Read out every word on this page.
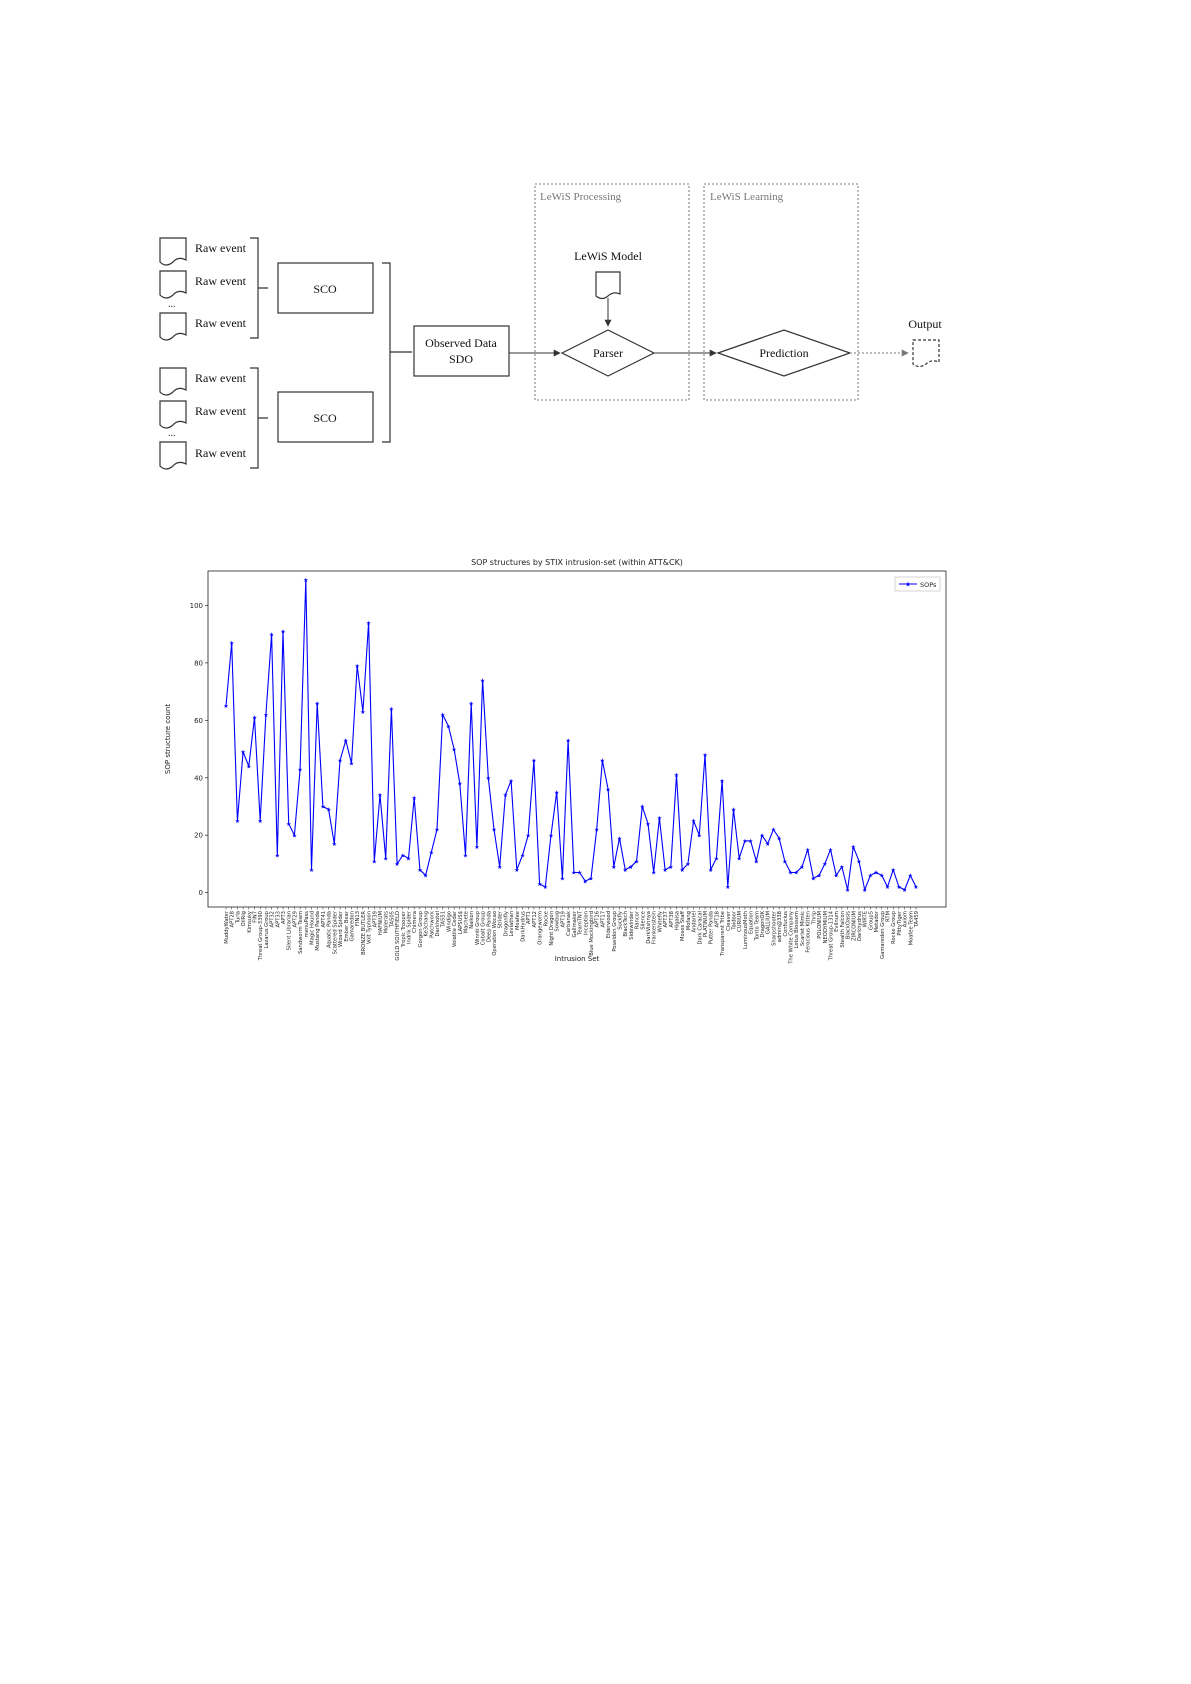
Raw event
Raw event
...
Raw event
Raw event
Raw event
...
Raw event
SCO
SCO
Observed Data
SDO
LeWiS Processing
LeWiS Model
Parser
LeWiS Learning
Prediction
Output
SOP structures by STIX intrusion-set (within ATT&CK)
0
20
40
60
80
100
SOP structure count
MuddyWater APT28 Turla OilRig Kimsuky FIN7 Threat Group-3390 Lazarus Group APT32 APT33 APT3 Silent Librarian APT29 Sandworm Team menuPass Magic Hound Mustang Panda APT41 Aquatic Panda Scattered Spider Wizard Spider Ember Bear Gamaredon FIN13 BRONZE BUTLER Volt Typhoon APT39 HAFNIUM Molerats TA505 GOLD SOUTHFIELD Tropic Trooper Indrik Spider Chimera Gorgon Group Ke3chang Patchwork Darkhotel TA551 Windigo Volatile Cedar LAPSUS$ Machete Naikon Winnti Group Cobalt Group Deep Panda Operation Wocao Strider Dragonfly Leviathan Moafee DarkHydrus APT1 APT12 Orangeworm Rocke Night Dragon Sowbug APT19 Carbanak Gallmaker TeamTNT Inception Blue Mockingbird APT16 APT17 Elderwood Poseidon Group Suckfly BlackTech Sidewinder Rancor Silence DarkVishnya Frankenstein Whitefly APT37 APT38 Higaisa Moses Staff Mofang Andariel Dark Caracal PLATINUM Putter Panda APT18 Transparent Tribe Cleaver Taidoor CURIUM LuminousMoth Equation Tonto Team DragonOK GALLIUM Sharpshooter admin@338 Confucius The White Company Lotus Blossom Scarlet Mimic Ferocious Kitten Thrip POLONIUM NEODYMIUM Threat Group-1314 Evilnum Stealth Falcon BlackOasis ZIRCONIUM Darkhydrus WIRTE Group5 Metador Gamaredon Group RTM Rocke Group PittyTiger Axiom Moafee Team TA459
Intrusion Set
★
★
★
★
★
★
★
★
★
★
★
★
★
★
★
★
★
★ ★
★
★
★
★
★
★
★
★
★
★
★
★
★ ★
★
★
★
★
★
★
★
★
★
★
★
★
★
★
★
★
★
★
★
★
★
★
★ ★
★
★
★
★
★ ★
★ ★
★
★
★
★
★
★ ★
★
★
★
★
★
★ ★
★
★
★
★
★
★
★
★
★
★
★
★
★ ★
★
★
★
★
★
★
★ ★
★
★
★ ★
★
★
★
★
★
★
★
★
★ ★ ★
★
★
★ ★
★
★
★ SOPs
